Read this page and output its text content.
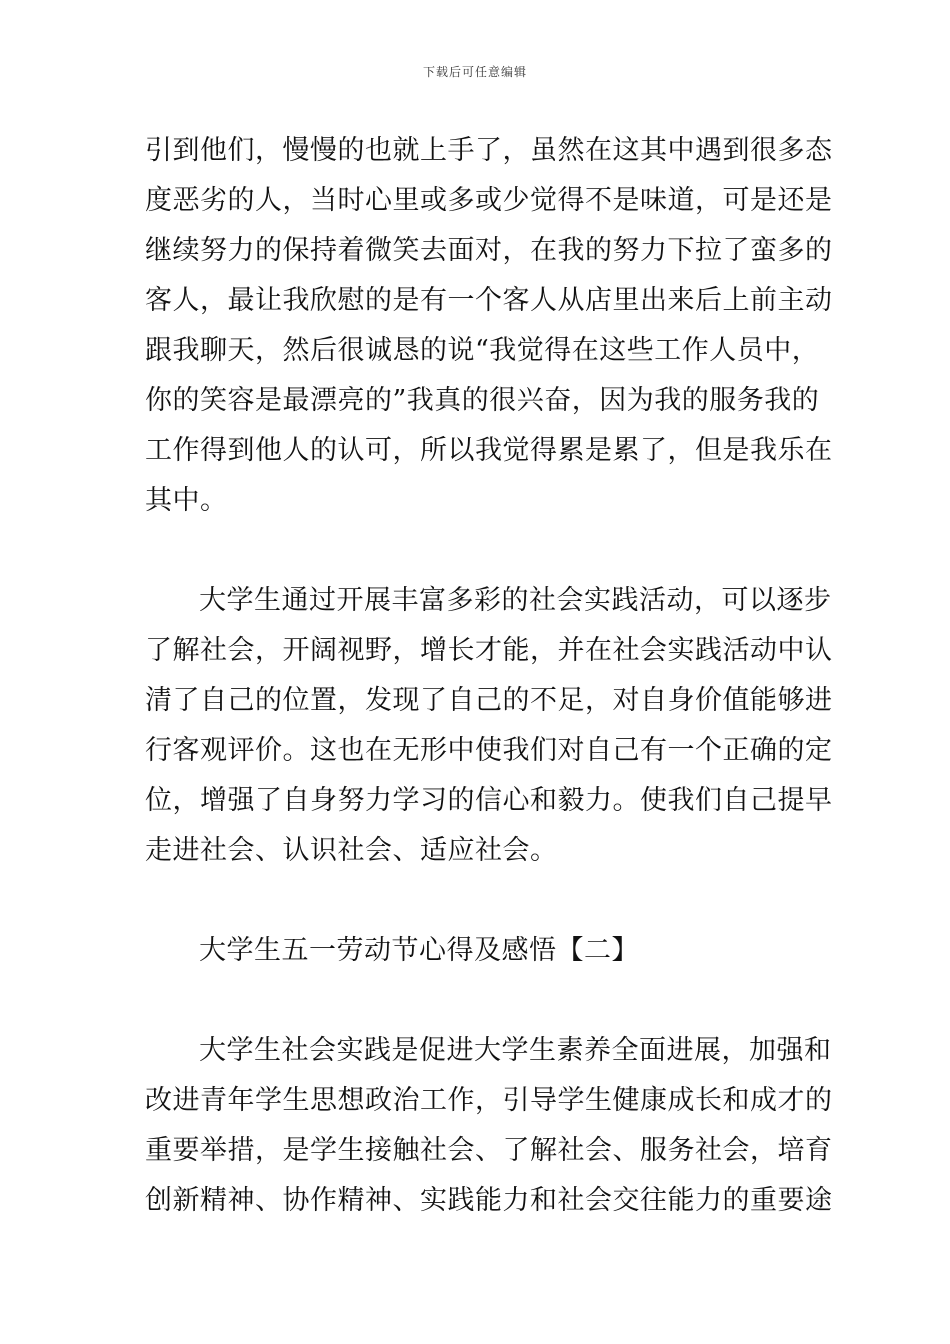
下载后可任意编辑
引到他们，慢慢的也就上手了，虽然在这其中遇到很多态
度恶劣的人，当时心里或多或少觉得不是味道，可是还是
继续努力的保持着微笑去面对，在我的努力下拉了蛮多的
客人，最让我欣慰的是有一个客人从店里出来后上前主动
跟我聊天，然后很诚恳的说“我觉得在这些工作人员中，
你的笑容是最漂亮的”我真的很兴奋，因为我的服务我的
工作得到他人的认可，所以我觉得累是累了，但是我乐在
其中。
大学生通过开展丰富多彩的社会实践活动，可以逐步
了解社会，开阔视野，增长才能，并在社会实践活动中认
清了自己的位置，发现了自己的不足，对自身价值能够进
行客观评价。这也在无形中使我们对自己有一个正确的定
位，增强了自身努力学习的信心和毅力。使我们自己提早
走进社会、认识社会、适应社会。
大学生五一劳动节心得及感悟【二】
大学生社会实践是促进大学生素养全面进展，加强和
改进青年学生思想政治工作，引导学生健康成长和成才的
重要举措，是学生接触社会、了解社会、服务社会，培育
创新精神、协作精神、实践能力和社会交往能力的重要途
